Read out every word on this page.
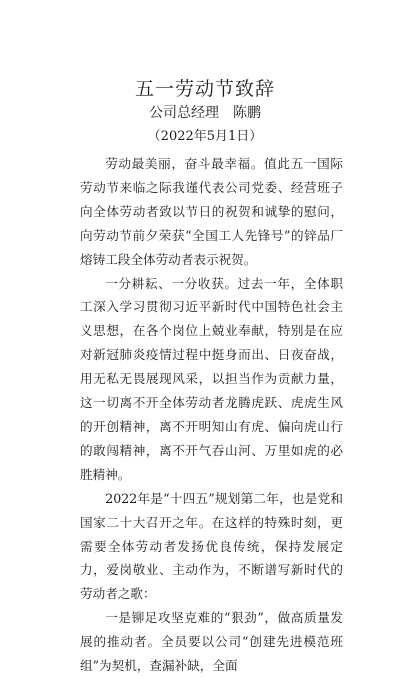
五一劳动节致辞
公司总经理 陈鹏
（2022年5月1日）

劳动最美丽，奋斗最幸福。值此五一国际劳动节来临之际我谨代表公司党委、经营班子向全体劳动者致以节日的祝贺和诚挚的慰问，向劳动节前夕荣获“全国工人先锋号”的锌品厂熔铸工段全体劳动者表示祝贺。

一分耕耘、一分收获。过去一年，全体职工深入学习贯彻习近平新时代中国特色社会主义思想，在各个岗位上兢业奉献，特别是在应对新冠肺炎疫情过程中挺身而出、日夜奋战，用无私无畏展现风采，以担当作为贡献力量，这一切离不开全体劳动者龙腾虎跃、虎虎生风的开创精神，离不开明知山有虎、偏向虎山行的敢闯精神，离不开气吞山河、万里如虎的必胜精神。

2022年是“十四五”规划第二年，也是党和国家二十大召开之年。在这样的特殊时刻，更需要全体劳动者发扬优良传统，保持发展定力，爱岗敬业、主动作为，不断谱写新时代的劳动者之歌：

一是铆足攻坚克难的“狠劲”，做高质量发展的推动者。全员要以公司“创建先进模范班组”为契机，查漏补缺，全面
